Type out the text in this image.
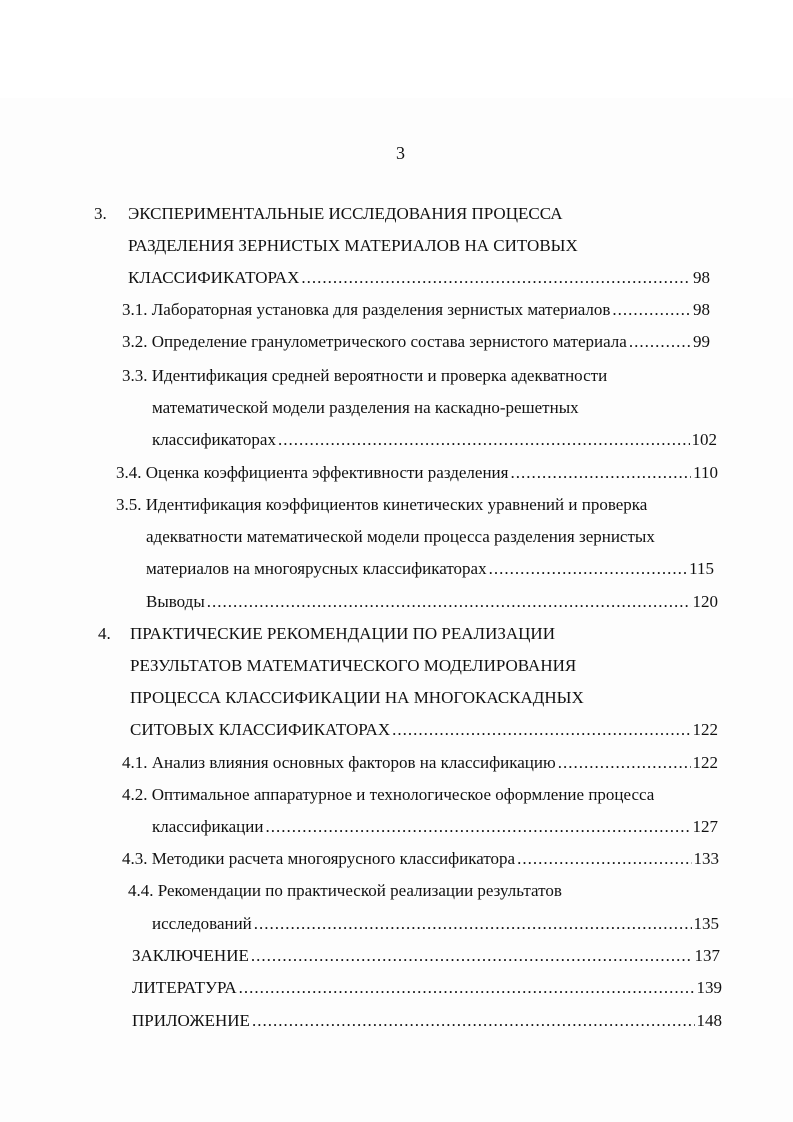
3
3. ЭКСПЕРИМЕНТАЛЬНЫЕ ИССЛЕДОВАНИЯ ПРОЦЕССА
РАЗДЕЛЕНИЯ ЗЕРНИСТЫХ МАТЕРИАЛОВ НА СИТОВЫХ
КЛАССИФИКАТОРАХ .....	98
3.1. Лабораторная установка для разделения зернистых материалов .....	98
3.2. Определение гранулометрического состава зернистого материала .....	99
3.3. Идентификация средней вероятности и проверка адекватности
математической модели разделения на каскадно-решетных
классификаторах .....	102
3.4. Оценка коэффициента эффективности разделения .....	110
3.5. Идентификация коэффициентов кинетических уравнений и проверка
адекватности математической модели процесса разделения зернистых
материалов на многоярусных классификаторах .....	115
Выводы .....	120
4. ПРАКТИЧЕСКИЕ РЕКОМЕНДАЦИИ ПО РЕАЛИЗАЦИИ
РЕЗУЛЬТАТОВ МАТЕМАТИЧЕСКОГО МОДЕЛИРОВАНИЯ
ПРОЦЕССА КЛАССИФИКАЦИИ НА МНОГОКАСКАДНЫХ
СИТОВЫХ КЛАССИФИКАТОРАХ .....	122
4.1. Анализ влияния основных факторов на классификацию .....	122
4.2. Оптимальное аппаратурное и технологическое оформление процесса
классификации .....	127
4.3. Методики расчета многоярусного классификатора .....	133
4.4. Рекомендации по практической реализации результатов
исследований .....	135
ЗАКЛЮЧЕНИЕ .....	137
ЛИТЕРАТУРА .....	139
ПРИЛОЖЕНИЕ .....	148
